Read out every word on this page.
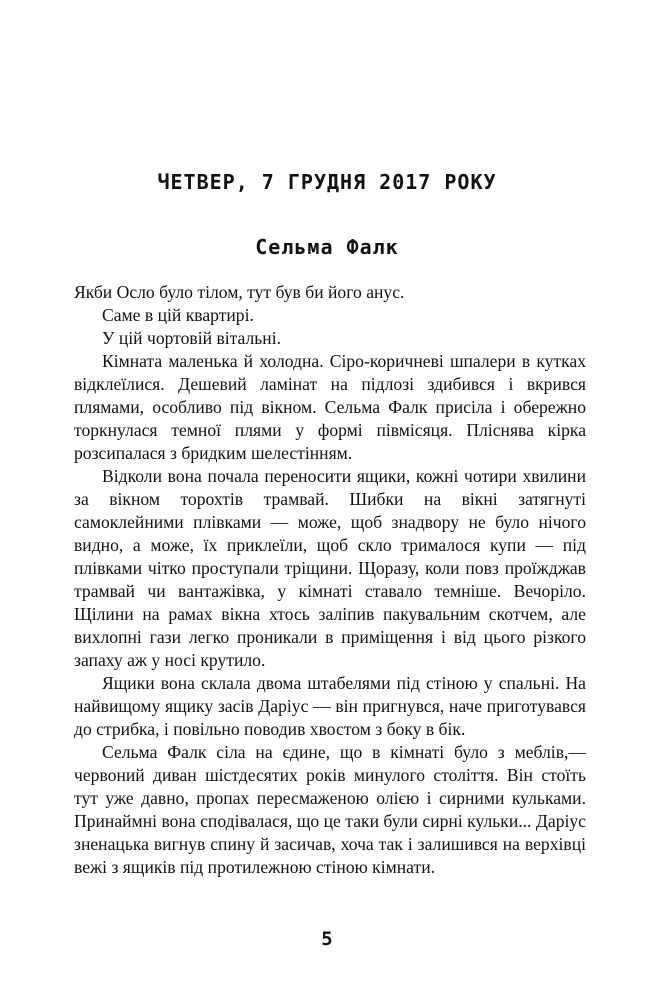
ЧЕТВЕР, 7 ГРУДНЯ 2017 РОКУ
Сельма Фалк

Якби Осло було тілом, тут був би його анус.

Саме в цій квартирі.

У цій чортовій вітальні.

Кімната маленька й холодна. Сіро-коричневі шпалери в кутках відклеїлися. Дешевий ламінат на підлозі здибився і вкрився плямами, особливо під вікном. Сельма Фалк присіла і обережно торкнулася темної плями у формі півмісяця. Пліснява кірка розсипалася з бридким шелестінням.

Відколи вона почала переносити ящики, кожні чотири хвилини за вікном торохтів трамвай. Шибки на вікні затягнуті самоклейними плівками — може, щоб знадвору не було нічого видно, а може, їх приклеїли, щоб скло трималося купи — під плівками чітко проступали тріщини. Щоразу, коли повз проїжджав трамвай чи вантажівка, у кімнаті ставало темніше. Вечоріло. Щілини на рамах вікна хтось заліпив пакувальним скотчем, але вихлопні гази легко проникали в приміщення і від цього різкого запаху аж у носі крутило.

Ящики вона склала двома штабелями під стіною у спальні. На найвищому ящику засів Даріус — він пригнувся, наче приготувався до стрибка, і повільно поводив хвостом з боку в бік.

Сельма Фалк сіла на єдине, що в кімнаті було з меблів,— червоний диван шістдесятих років минулого століття. Він стоїть тут уже давно, пропах пересмаженою олією і сирними кульками. Принаймні вона сподівалася, що це таки були сирні кульки... Даріус зненацька вигнув спину й засичав, хоча так і залишився на верхівці вежі з ящиків під протилежною стіною кімнати.

5
